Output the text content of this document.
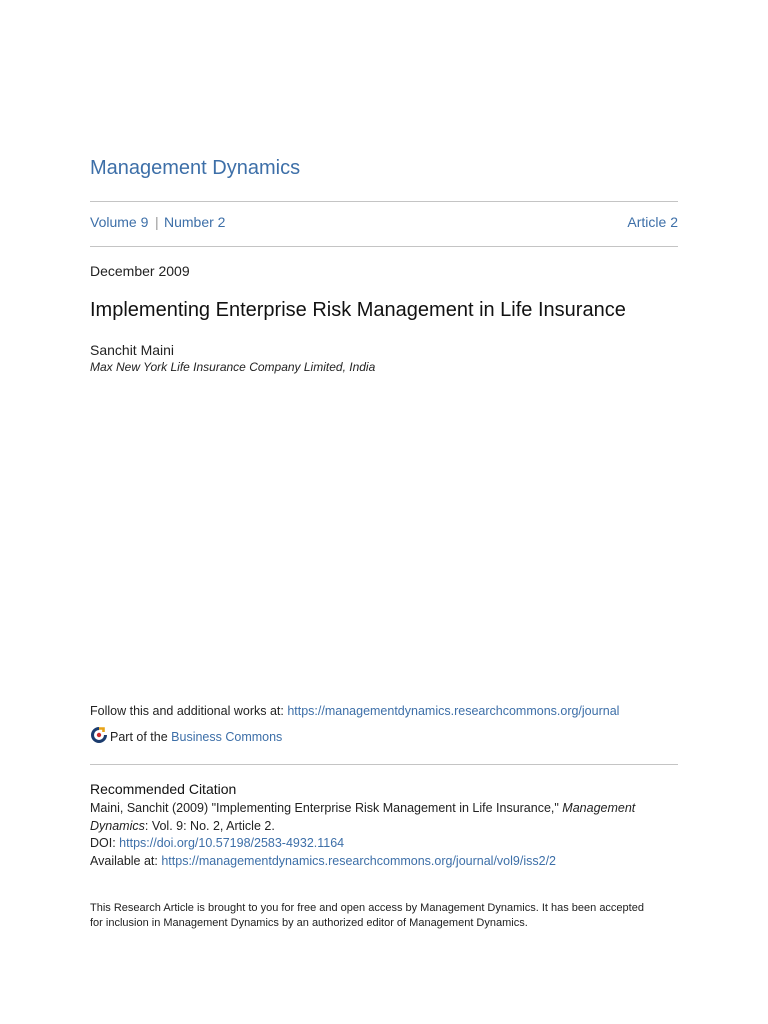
Management Dynamics
Volume 9 | Number 2	Article 2
December 2009
Implementing Enterprise Risk Management in Life Insurance
Sanchit Maini
Max New York Life Insurance Company Limited, India
Follow this and additional works at: https://managementdynamics.researchcommons.org/journal
Part of the Business Commons
Recommended Citation
Maini, Sanchit (2009) "Implementing Enterprise Risk Management in Life Insurance," Management
Dynamics: Vol. 9: No. 2, Article 2.
DOI: https://doi.org/10.57198/2583-4932.1164
Available at: https://managementdynamics.researchcommons.org/journal/vol9/iss2/2
This Research Article is brought to you for free and open access by Management Dynamics. It has been accepted
for inclusion in Management Dynamics by an authorized editor of Management Dynamics.
